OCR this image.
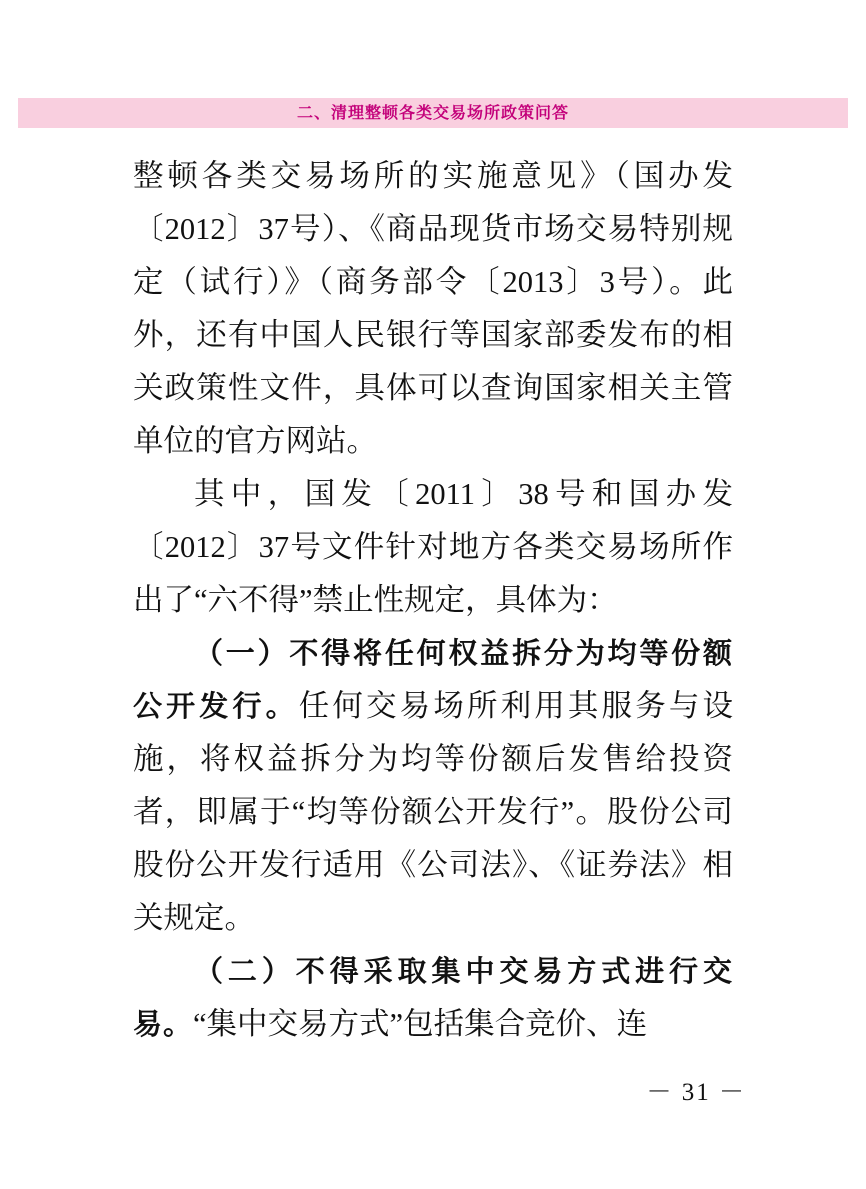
二、清理整顿各类交易场所政策问答

整顿各类交易场所的实施意见》（国办发〔2012〕37号）、《商品现货市场交易特别规定（试行）》（商务部令〔2013〕3号）。此外，还有中国人民银行等国家部委发布的相关政策性文件，具体可以查询国家相关主管单位的官方网站。

其中，国发〔2011〕38号和国办发〔2012〕37号文件针对地方各类交易场所作出了“六不得”禁止性规定，具体为：

（一）不得将任何权益拆分为均等份额公开发行。任何交易场所利用其服务与设施，将权益拆分为均等份额后发售给投资者，即属于“均等份额公开发行”。股份公司股份公开发行适用《公司法》、《证券法》相关规定。

（二）不得采取集中交易方式进行交易。“集中交易方式”包括集合竞价、连

－ 31 －
